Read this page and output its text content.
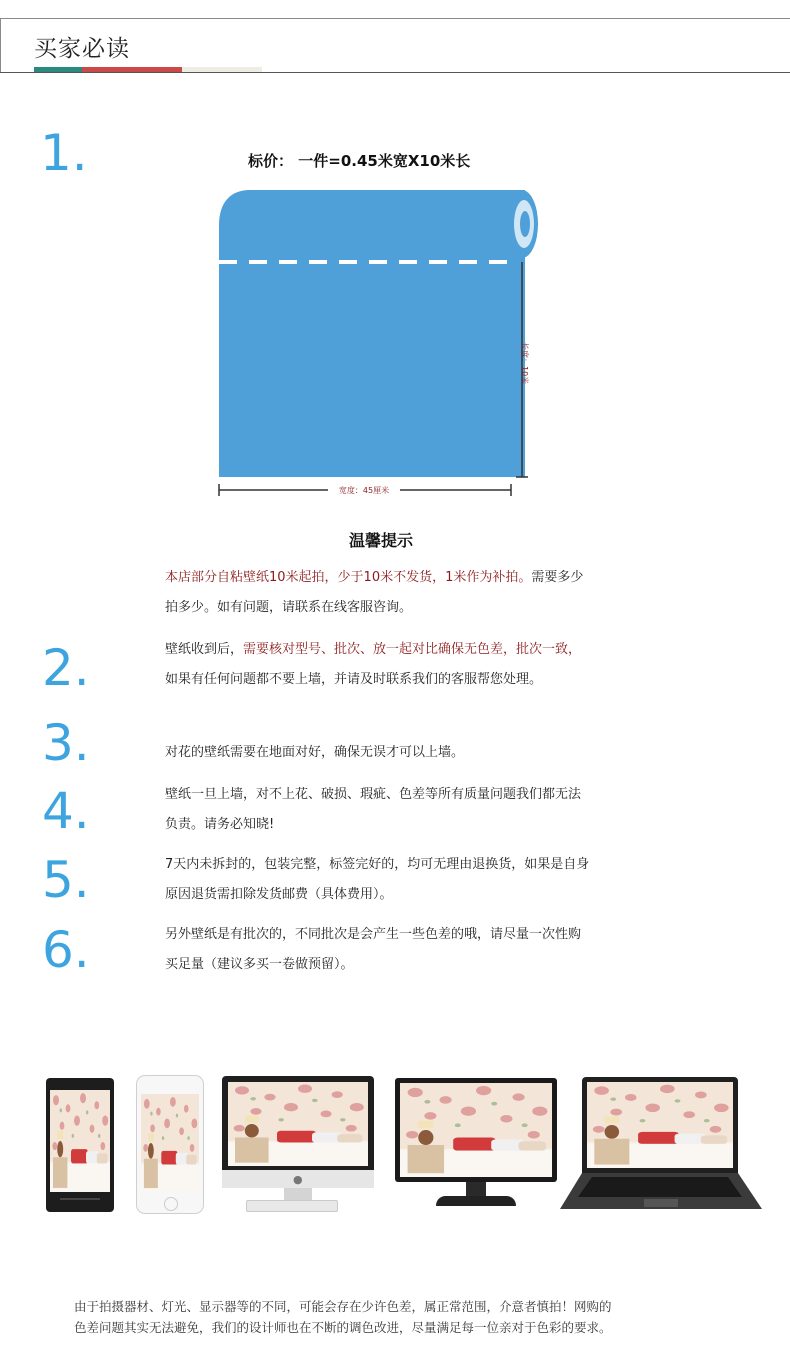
买家必读
1.	标价： 一件=0.45米宽X10米长
长度：10米
宽度：45厘米
温馨提示
本店部分自粘壁纸10米起拍，少于10米不发货，1米作为补拍。需要多少
拍多少。如有问题，请联系在线客服咨询。
2.	壁纸收到后，需要核对型号、批次、放一起对比确保无色差，批次一致，
如果有任何问题都不要上墙，并请及时联系我们的客服帮您处理。
3.	对花的壁纸需要在地面对好，确保无误才可以上墙。
4.	壁纸一旦上墙，对不上花、破损、瑕疵、色差等所有质量问题我们都无法
负责。请务必知晓!
5.	7天内未拆封的，包装完整，标签完好的，均可无理由退换货，如果是自身
原因退货需扣除发货邮费（具体费用）。
6.	另外壁纸是有批次的，不同批次是会产生一些色差的哦，请尽量一次性购
买足量（建议多买一卷做预留）。
●
由于拍摄器材、灯光、显示器等的不同，可能会存在少许色差，属正常范围，介意者慎拍！网购的
色差问题其实无法避免，我们的设计师也在不断的调色改进，尽量满足每一位亲对于色彩的要求。
